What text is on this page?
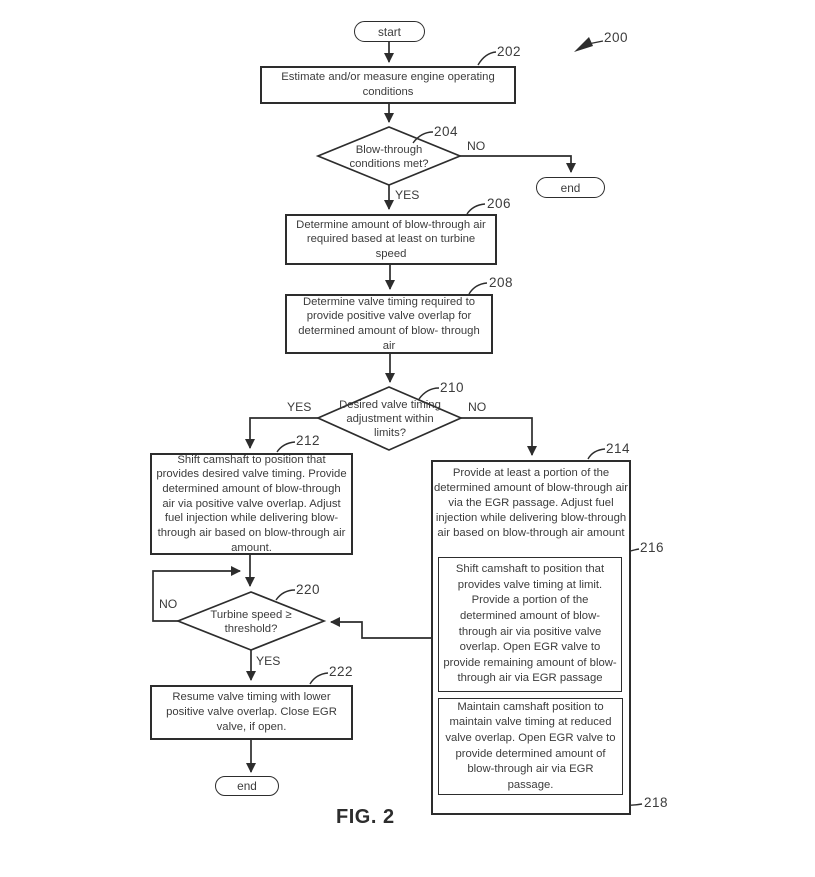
start
end
end
Estimate and/or measure engine operating conditions
Determine amount of blow-through air required based at least on turbine speed
Determine valve timing required to provide positive valve overlap for determined amount of blow- through air
Shift camshaft to position that provides desired valve timing. Provide determined amount of blow-through air via positive valve overlap. Adjust fuel injection while delivering blow-through air based on blow-through air amount.
Resume valve timing with lower positive valve overlap. Close EGR valve, if open.
Provide at least a portion of the determined amount of blow-through air via the EGR passage. Adjust fuel injection while delivering blow-through air based on blow-through air amount
Shift camshaft to position that provides valve timing at limit. Provide a portion of the determined amount of blow-through air via positive valve overlap. Open EGR valve to provide remaining amount of blow-through air via EGR passage
Maintain camshaft position to maintain valve timing at reduced valve overlap. Open EGR valve to provide determined amount of blow-through air via EGR passage.
Blow-through conditions met?
Desired valve timing adjustment within limits?
Turbine speed ≥ threshold?
NO
YES
YES	NO
NO
YES
200
202
204
206
208
210
212
214
216
218
220
222
FIG. 2
